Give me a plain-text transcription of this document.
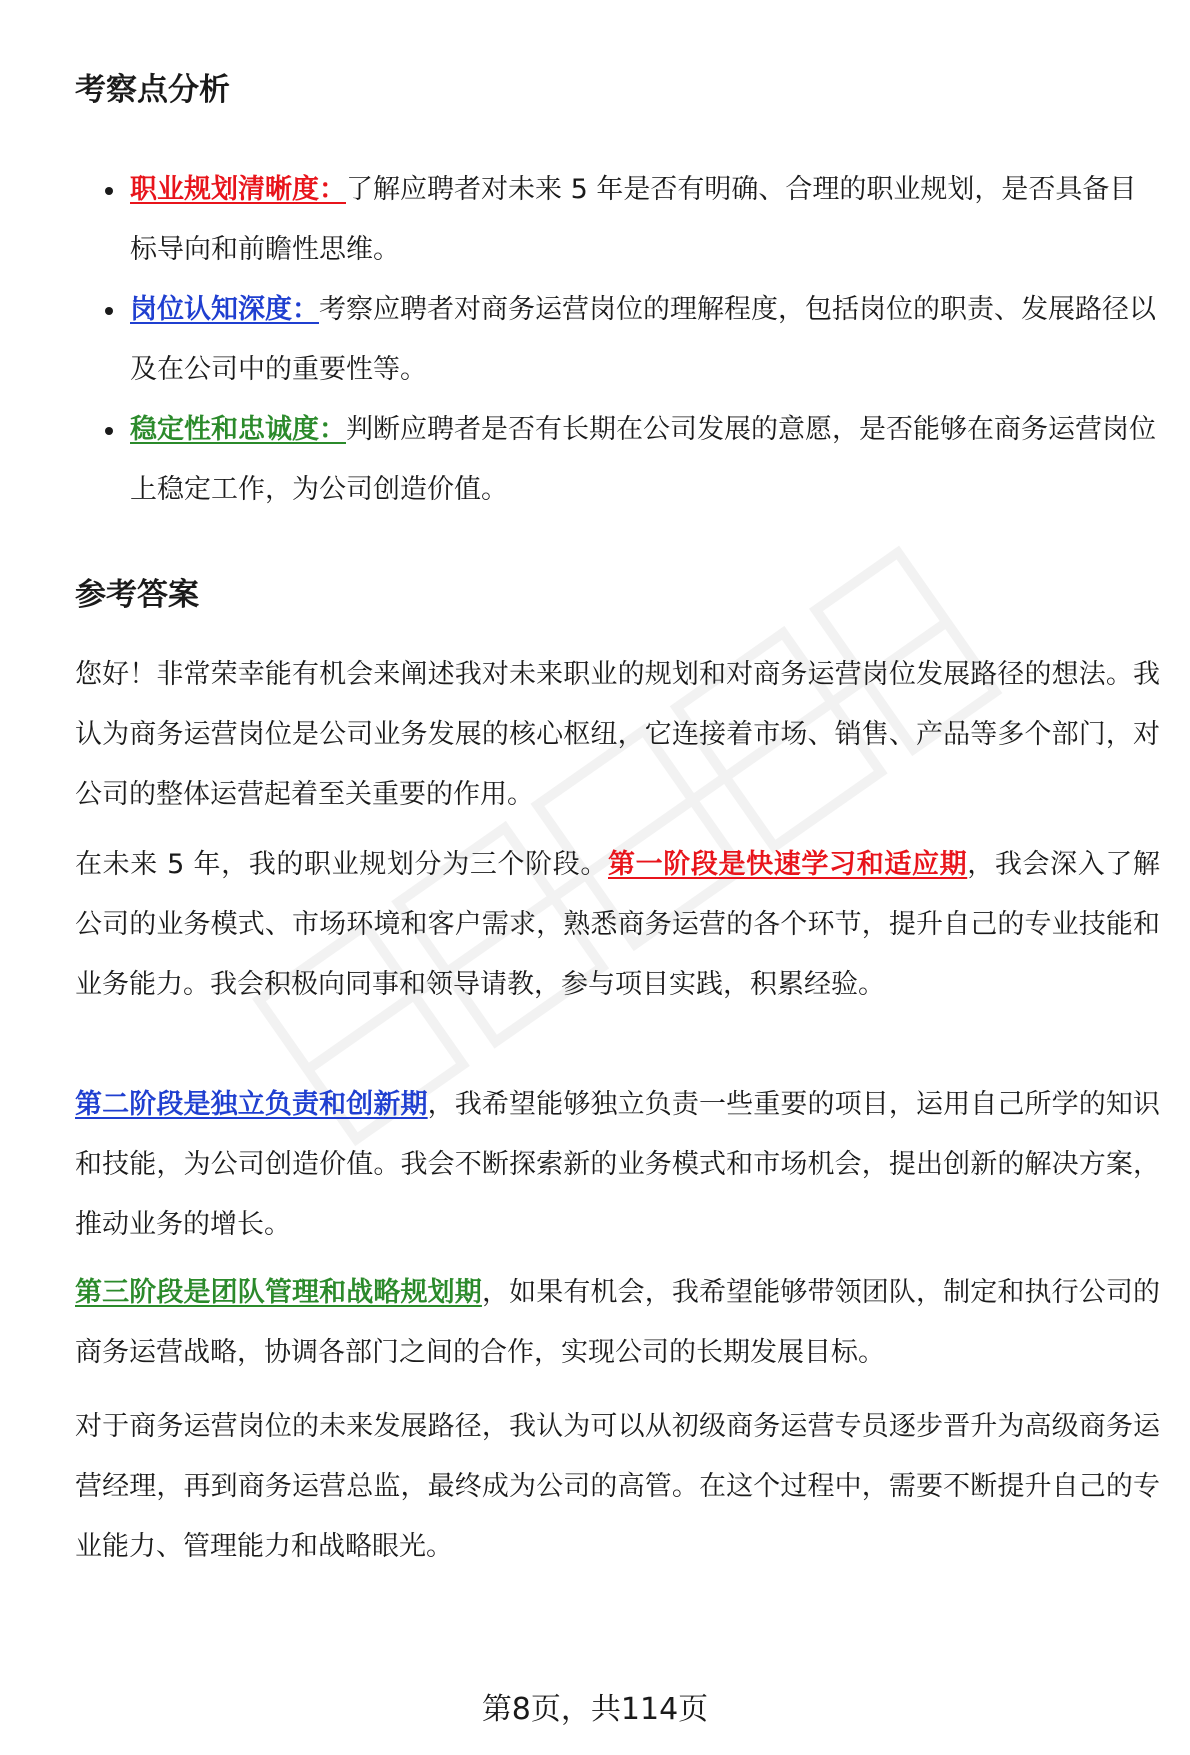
考察点分析
职业规划清晰度：了解应聘者对未来 5 年是否有明确、合理的职业规划，是否具备目标导向和前瞻性思维。
岗位认知深度：考察应聘者对商务运营岗位的理解程度，包括岗位的职责、发展路径以及在公司中的重要性等。
稳定性和忠诚度：判断应聘者是否有长期在公司发展的意愿，是否能够在商务运营岗位上稳定工作，为公司创造价值。
参考答案

您好！非常荣幸能有机会来阐述我对未来职业的规划和对商务运营岗位发展路径的想法。我认为商务运营岗位是公司业务发展的核心枢纽，它连接着市场、销售、产品等多个部门，对公司的整体运营起着至关重要的作用。

在未来 5 年，我的职业规划分为三个阶段。第一阶段是快速学习和适应期，我会深入了解公司的业务模式、市场环境和客户需求，熟悉商务运营的各个环节，提升自己的专业技能和业务能力。我会积极向同事和领导请教，参与项目实践，积累经验。

第二阶段是独立负责和创新期，我希望能够独立负责一些重要的项目，运用自己所学的知识和技能，为公司创造价值。我会不断探索新的业务模式和市场机会，提出创新的解决方案，推动业务的增长。

第三阶段是团队管理和战略规划期，如果有机会，我希望能够带领团队，制定和执行公司的商务运营战略，协调各部门之间的合作，实现公司的长期发展目标。

对于商务运营岗位的未来发展路径，我认为可以从初级商务运营专员逐步晋升为高级商务运营经理，再到商务运营总监，最终成为公司的高管。在这个过程中，需要不断提升自己的专业能力、管理能力和战略眼光。

第8页，共114页
